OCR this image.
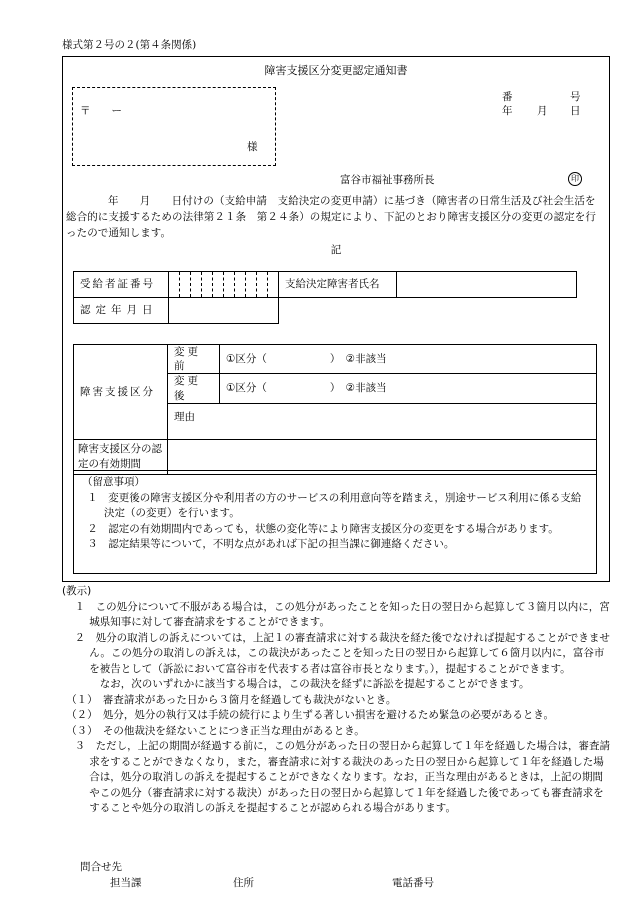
様式第２号の２(第４条関係)
障害支援区分変更認定通知書
〒　　ー
様
番	号
年 月 日
富谷市福祉事務所長	印
年　　月　　日付けの（支給申請　支給決定の変更申請）に基づき（障害者の日常生活及び社会生活を総合的に支援するための法律第２１条　第２４条）の規定により、下記のとおり障害支援区分の変更の認定を行ったので通知します。
記
受給者証番号											支給決定障害者氏名	
認定年月日												
障害支援区分	変更前	①区分（　　　　　　）　②非該当
	変更後	①区分（　　　　　　）　②非該当
	理由	
障害支援区分の認定の有効期間		
（留意事項）
１　変更後の障害支援区分や利用者の方のサービスの利用意向等を踏まえ，別途サービス利用に係る支給決定（の変更）を行います。
２　認定の有効期間内であっても，状態の変化等により障害支援区分の変更をする場合があります。
３　認定結果等について，不明な点があれば下記の担当課に御連絡ください。
(教示)
１　この処分について不服がある場合は，この処分があったことを知った日の翌日から起算して３箇月以内に，宮城県知事に対して審査請求をすることができます。
２　処分の取消しの訴えについては，上記１の審査請求に対する裁決を経た後でなければ提起することができません。この処分の取消しの訴えは，この裁決があったことを知った日の翌日から起算して６箇月以内に，富谷市を被告として（訴訟において富谷市を代表する者は富谷市長となります。），提起することができます。
なお，次のいずれかに該当する場合は，この裁決を経ずに訴訟を提起することができます。
（１）　審査請求があった日から３箇月を経過しても裁決がないとき。
（２）　処分，処分の執行又は手続の続行により生ずる著しい損害を避けるため緊急の必要があるとき。
（３）　その他裁決を経ないことにつき正当な理由があるとき。
３　ただし，上記の期間が経過する前に，この処分があった日の翌日から起算して１年を経過した場合は，審査請求をすることができなくなり，また，審査請求に対する裁決のあった日の翌日から起算して１年を経過した場合は，処分の取消しの訴えを提起することができなくなります。なお，正当な理由があるときは，上記の期間やこの処分（審査請求に対する裁決）があった日の翌日から起算して１年を経過した後であっても審査請求をすることや処分の取消しの訴えを提起することが認められる場合があります。
問合せ先
担当課	住所	電話番号
